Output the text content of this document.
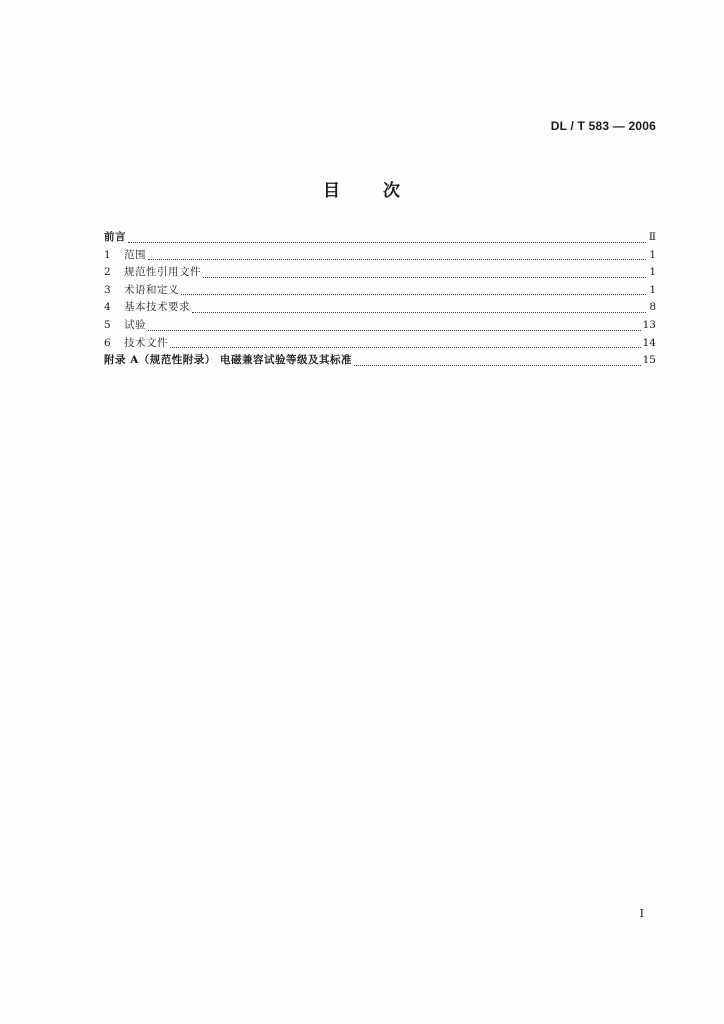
DL / T 583 — 2006
目 次
前言	Ⅱ
1	范围	1
2	规范性引用文件	1
3	术语和定义	1
4	基本技术要求	8
5	试验	13
6	技术文件	14
附录 A（规范性附录） 电磁兼容试验等级及其标准	15
I
